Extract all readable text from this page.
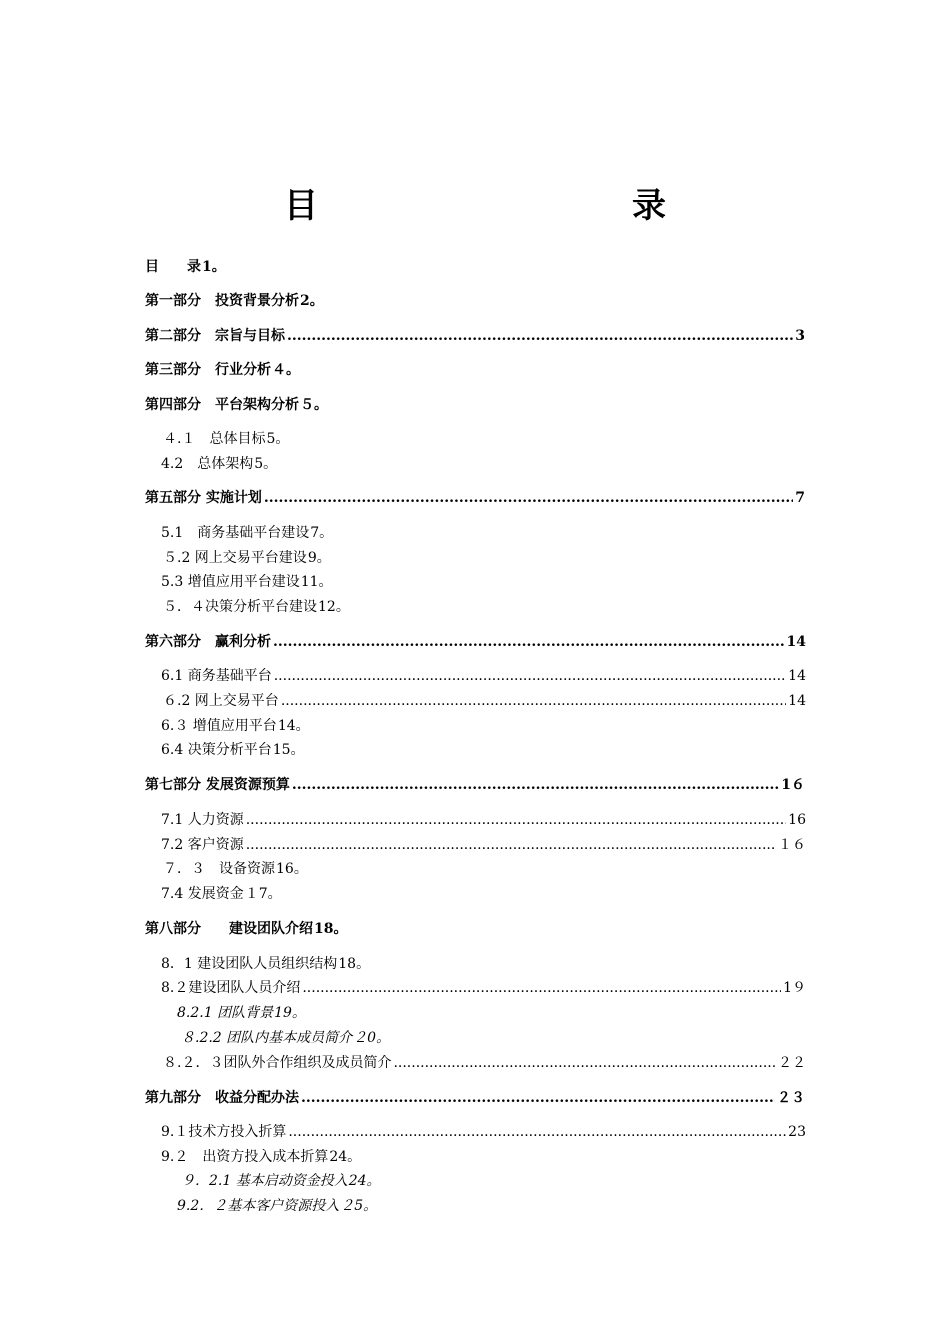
目　　录
目　　录 1。
第一部分　投资背景分析 2。
第二部分　宗旨与目标 .....	3
第三部分　行业分析 ４。
第四部分　平台架构分析 ５。
４.１　总体目标 5。
4.2　总体架构 5。
第五部分 实施计划 .....	7
5.1　商务基础平台建设 7。
５.2 网上交易平台建设 9。
5.3 增值应用平台建设 11。
５．４决策分析平台建设 12。
第六部分　赢利分析 .....	14
6.1 商务基础平台 .....	14
６.2 网上交易平台 .....	14
6.３ 增值应用平台 14。
6.4 决策分析平台 15。
第七部分 发展资源预算 .....	1６
7.1 人力资源 .....	16
7.2 客户资源 .....	１６
７．３　设备资源 16。
7.4 发展资金 １7。
第八部分　　建设团队介绍 18。
8．1 建设团队人员组织结构 18。
8.２建设团队人员介绍 .....	1９
8.2.1 团队背景 19。
８.2.2 团队内基本成员简介 ２0。
８.２．３团队外合作组织及成员简介 .....	２２
第九部分　收益分配办法 .....	２３
9.１技术方投入折算 .....	23
9.２　出资方投入成本折算 24。
９．2.1 基本启动资金投入 24。
9.2．２基本客户资源投入 ２5。
